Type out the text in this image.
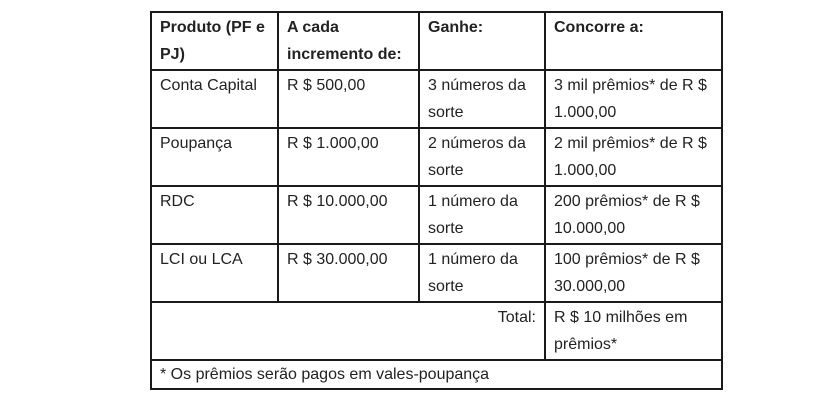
Produto (PF e PJ)	A cada incremento de:	Ganhe:	Concorre a:
Conta Capital	R $ 500,00	3 números da sorte	3 mil prêmios* de R $ 1.000,00
Poupança	R $ 1.000,00	2 números da sorte	2 mil prêmios* de R $ 1.000,00
RDC	R $ 10.000,00	1 número da sorte	200 prêmios* de R $ 10.000,00
LCI ou LCA	R $ 30.000,00	1 número da sorte	100 prêmios* de R $ 30.000,00
Total:			R $ 10 milhões em prêmios*
* Os prêmios serão pagos em vales-poupança			
